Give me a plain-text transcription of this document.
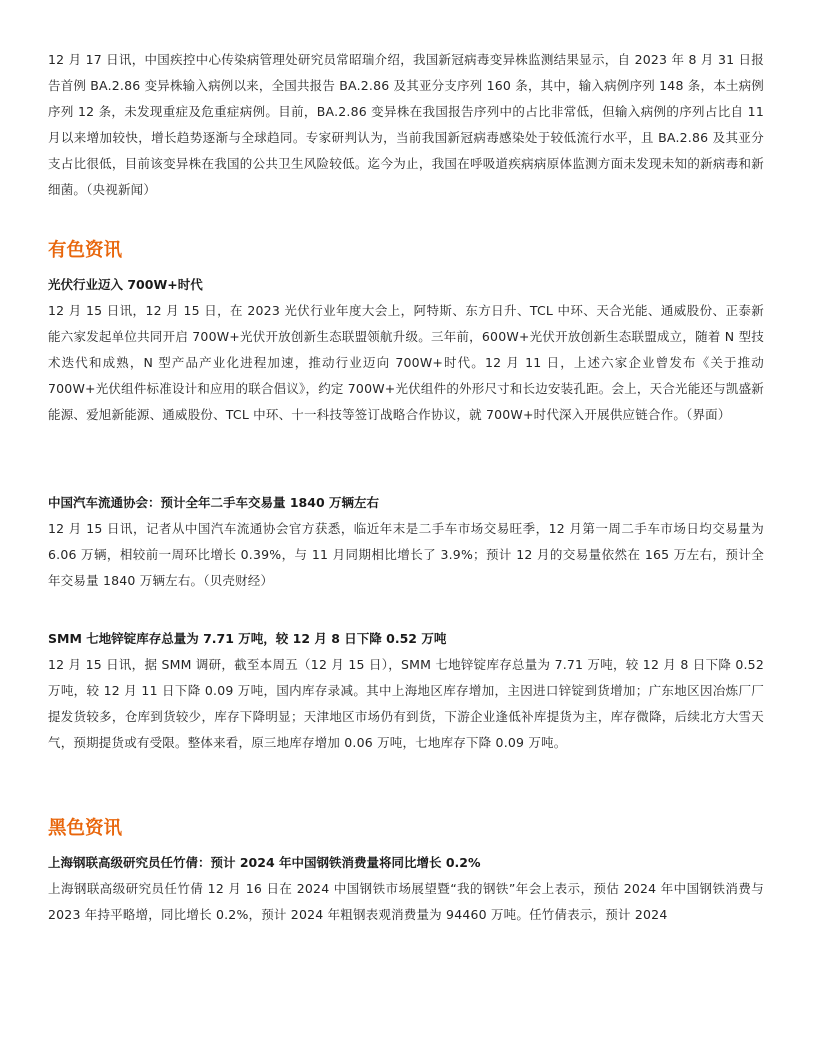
12 月 17 日讯，中国疾控中心传染病管理处研究员常昭瑞介绍，我国新冠病毒变异株监测结果显示，自 2023 年 8 月 31 日报告首例 BA.2.86 变异株输入病例以来，全国共报告 BA.2.86 及其亚分支序列 160 条，其中，输入病例序列 148 条，本土病例序列 12 条，未发现重症及危重症病例。目前，BA.2.86 变异株在我国报告序列中的占比非常低，但输入病例的序列占比自 11 月以来增加较快，增长趋势逐渐与全球趋同。专家研判认为，当前我国新冠病毒感染处于较低流行水平，且 BA.2.86 及其亚分支占比很低，目前该变异株在我国的公共卫生风险较低。迄今为止，我国在呼吸道疾病病原体监测方面未发现未知的新病毒和新细菌。（央视新闻）

有色资讯
光伏行业迈入 700W+时代

12 月 15 日讯，12 月 15 日，在 2023 光伏行业年度大会上，阿特斯、东方日升、TCL 中环、天合光能、通威股份、正泰新能六家发起单位共同开启 700W+光伏开放创新生态联盟领航升级。三年前，600W+光伏开放创新生态联盟成立，随着 N 型技术迭代和成熟，N 型产品产业化进程加速，推动行业迈向 700W+时代。12 月 11 日，上述六家企业曾发布《关于推动 700W+光伏组件标准设计和应用的联合倡议》，约定 700W+光伏组件的外形尺寸和长边安装孔距。会上，天合光能还与凯盛新能源、爱旭新能源、通威股份、TCL 中环、十一科技等签订战略合作协议，就 700W+时代深入开展供应链合作。（界面）

中国汽车流通协会：预计全年二手车交易量 1840 万辆左右

12 月 15 日讯，记者从中国汽车流通协会官方获悉，临近年末是二手车市场交易旺季，12 月第一周二手车市场日均交易量为 6.06 万辆，相较前一周环比增长 0.39%，与 11 月同期相比增长了 3.9%；预计 12 月的交易量依然在 165 万左右，预计全年交易量 1840 万辆左右。（贝壳财经）

SMM 七地锌锭库存总量为 7.71 万吨，较 12 月 8 日下降 0.52 万吨

12 月 15 日讯，据 SMM 调研，截至本周五（12 月 15 日），SMM 七地锌锭库存总量为 7.71 万吨，较 12 月 8 日下降 0.52 万吨，较 12 月 11 日下降 0.09 万吨，国内库存录减。其中上海地区库存增加，主因进口锌锭到货增加；广东地区因冶炼厂厂提发货较多，仓库到货较少，库存下降明显；天津地区市场仍有到货，下游企业逢低补库提货为主，库存微降，后续北方大雪天气，预期提货或有受限。整体来看，原三地库存增加 0.06 万吨，七地库存下降 0.09 万吨。

黑色资讯
上海钢联高级研究员任竹倩：预计 2024 年中国钢铁消费量将同比增长 0.2%

上海钢联高级研究员任竹倩 12 月 16 日在 2024 中国钢铁市场展望暨“我的钢铁”年会上表示，预估 2024 年中国钢铁消费与 2023 年持平略增，同比增长 0.2%，预计 2024 年粗钢表观消费量为 94460 万吨。任竹倩表示，预计 2024
